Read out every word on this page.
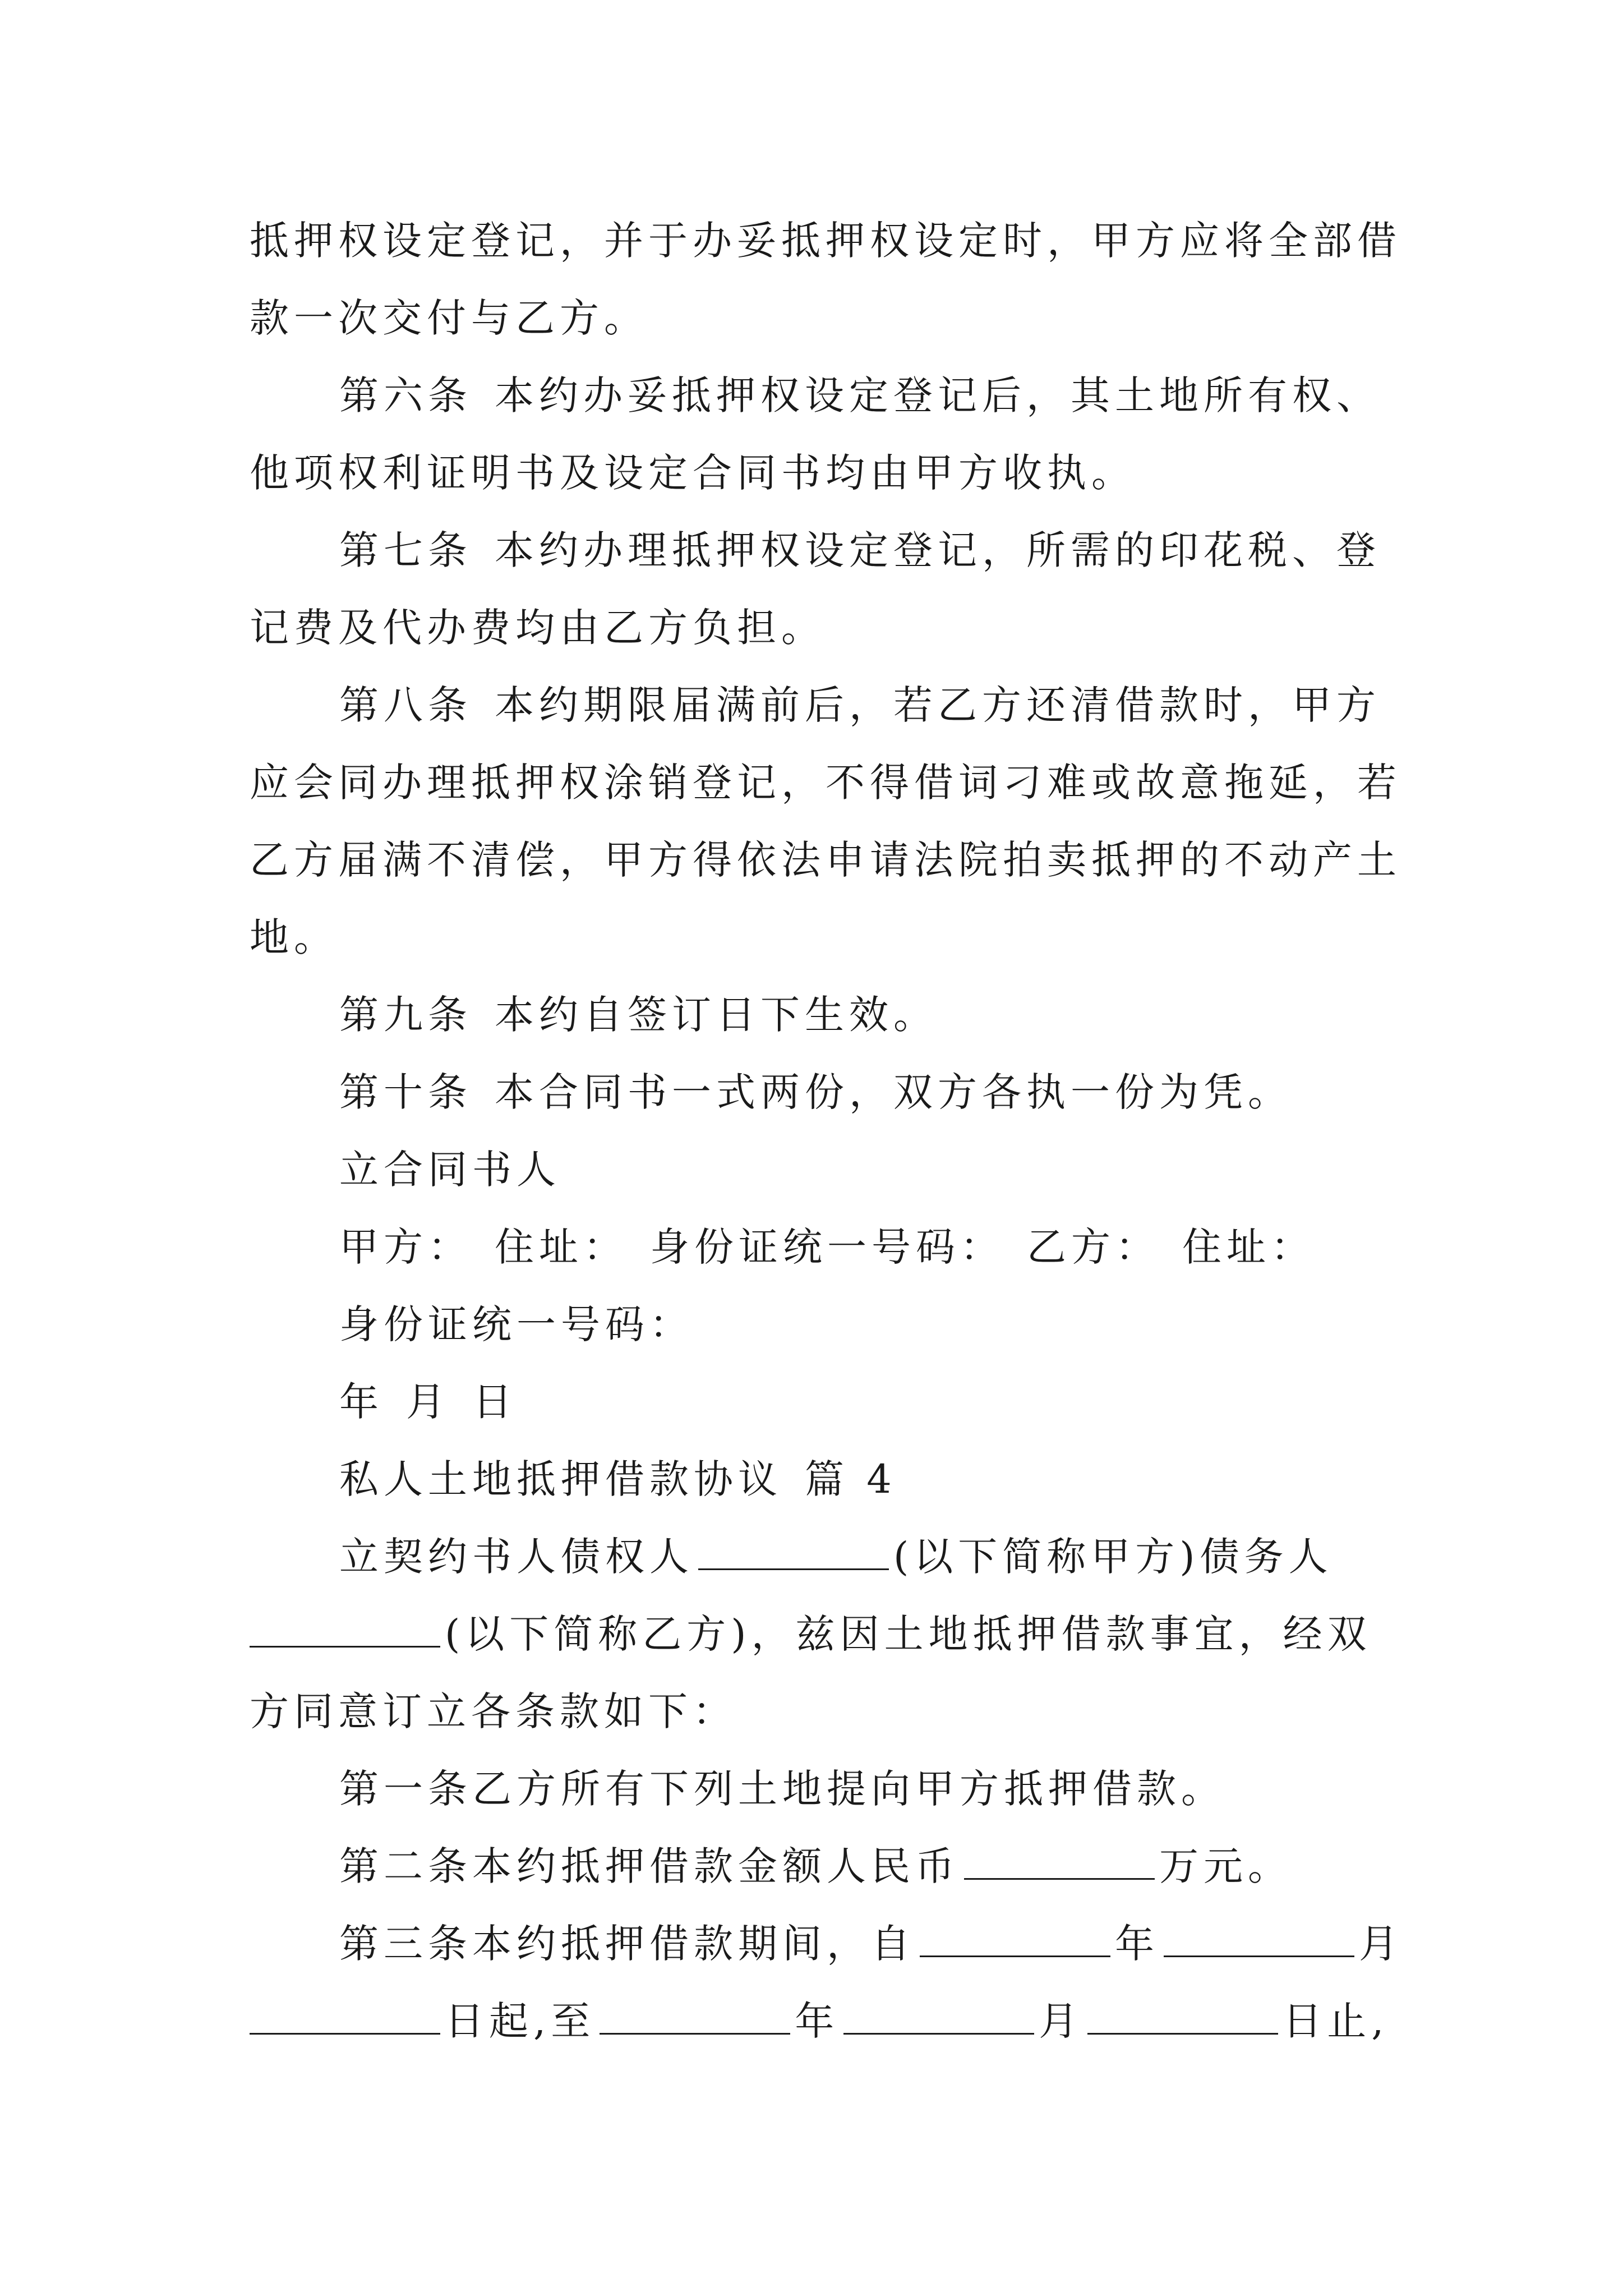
抵押权设定登记，并于办妥抵押权设定时，甲方应将全部借
款一次交付与乙方。
第六条 本约办妥抵押权设定登记后，其土地所有权、
他项权利证明书及设定合同书均由甲方收执。
第七条 本约办理抵押权设定登记，所需的印花税、登
记费及代办费均由乙方负担。
第八条 本约期限届满前后，若乙方还清借款时，甲方
应会同办理抵押权涂销登记，不得借词刁难或故意拖延，若
乙方届满不清偿，甲方得依法申请法院拍卖抵押的不动产土
地。
第九条 本约自签订日下生效。
第十条 本合同书一式两份，双方各执一份为凭。
立合同书人
甲方： 住址： 身份证统一号码： 乙方： 住址：
身份证统一号码：
年 月 日
私人土地抵押借款协议 篇 4
立契约书人债权人	(以下简称甲方)债务人
(以下简称乙方)，兹因土地抵押借款事宜，经双
方同意订立各条款如下：
第一条乙方所有下列土地提向甲方抵押借款。
第二条本约抵押借款金额人民币	万元。
第三条本约抵押借款期间，自	年	月
日起,至	年	月	日止,
